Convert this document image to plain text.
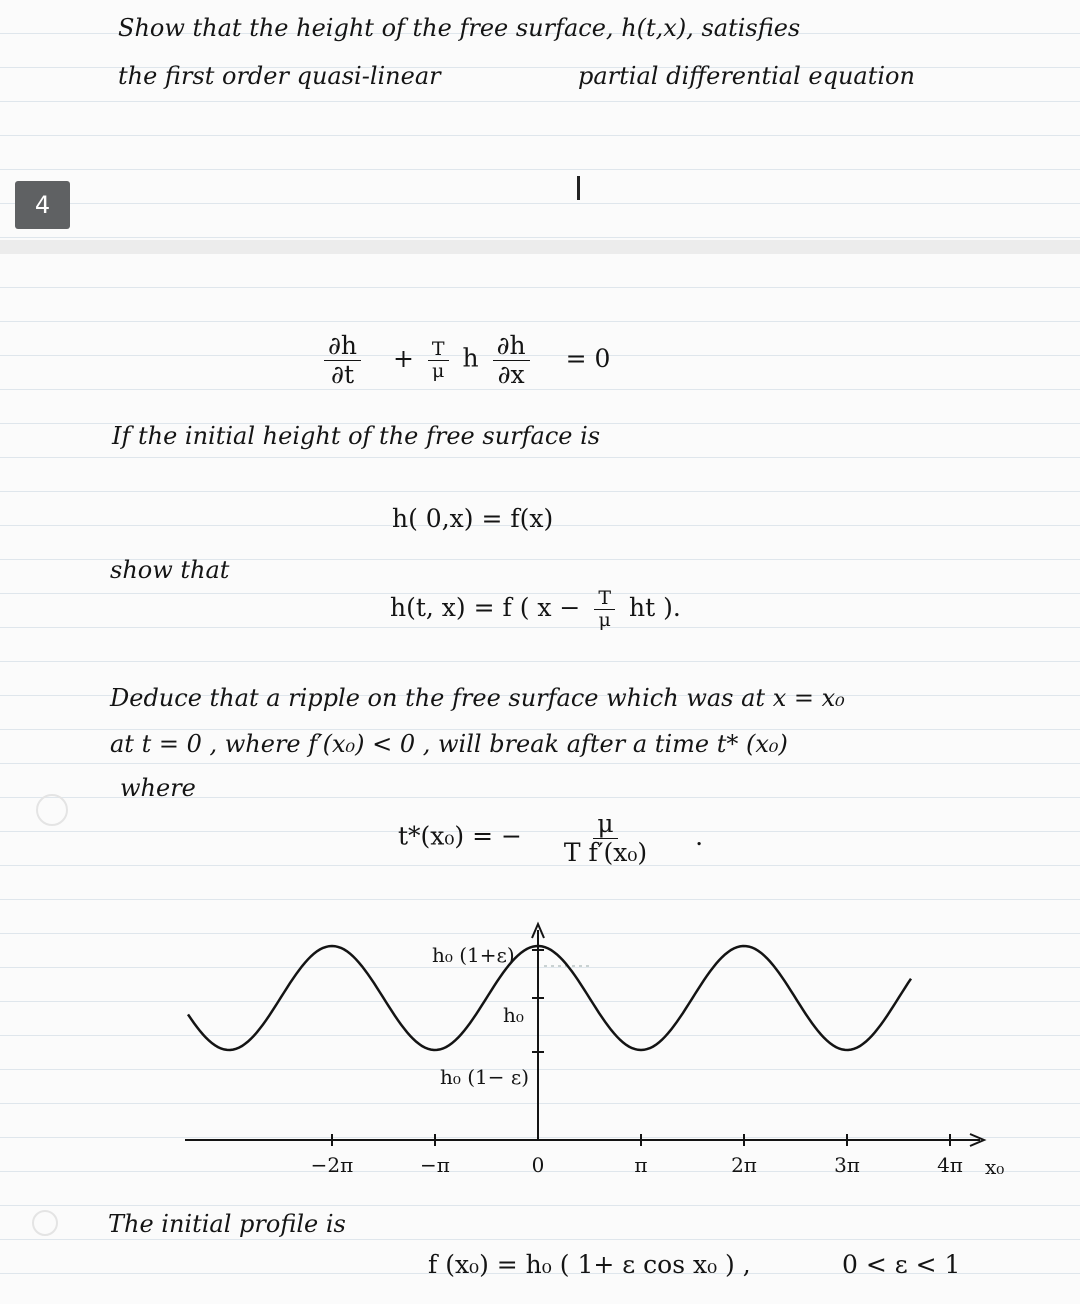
Show that the height of the free surface, h(t,x), satisfies
the first order quasi-linear	partial differential equation
4
$\frac{\partial h}{\partial t} + \frac{T}{\mu}$ h $\frac{\partial h}{\partial x} = 0$
If the initial height of the free surface is
h( 0,x) = f(x)
show that
h(t, x) = f ( $x - \frac{T}{\mu}$ ht ).
Deduce that a ripple on the free surface which was at x = x₀
at t = 0 , where f′(x₀) < 0 , will break after a time t* (x₀)
where
t*(x₀) = − $\frac{\mu}{\text{T f′(x₀)}}$ .
−2π	−π	0	π	2π	3π	4π
h₀ (1+ε)
h₀
h₀ (1− ε)
x₀
The initial profile is
f (x₀) = h₀ ( 1+ ε cos x₀ ) ,	0 < ε < 1
